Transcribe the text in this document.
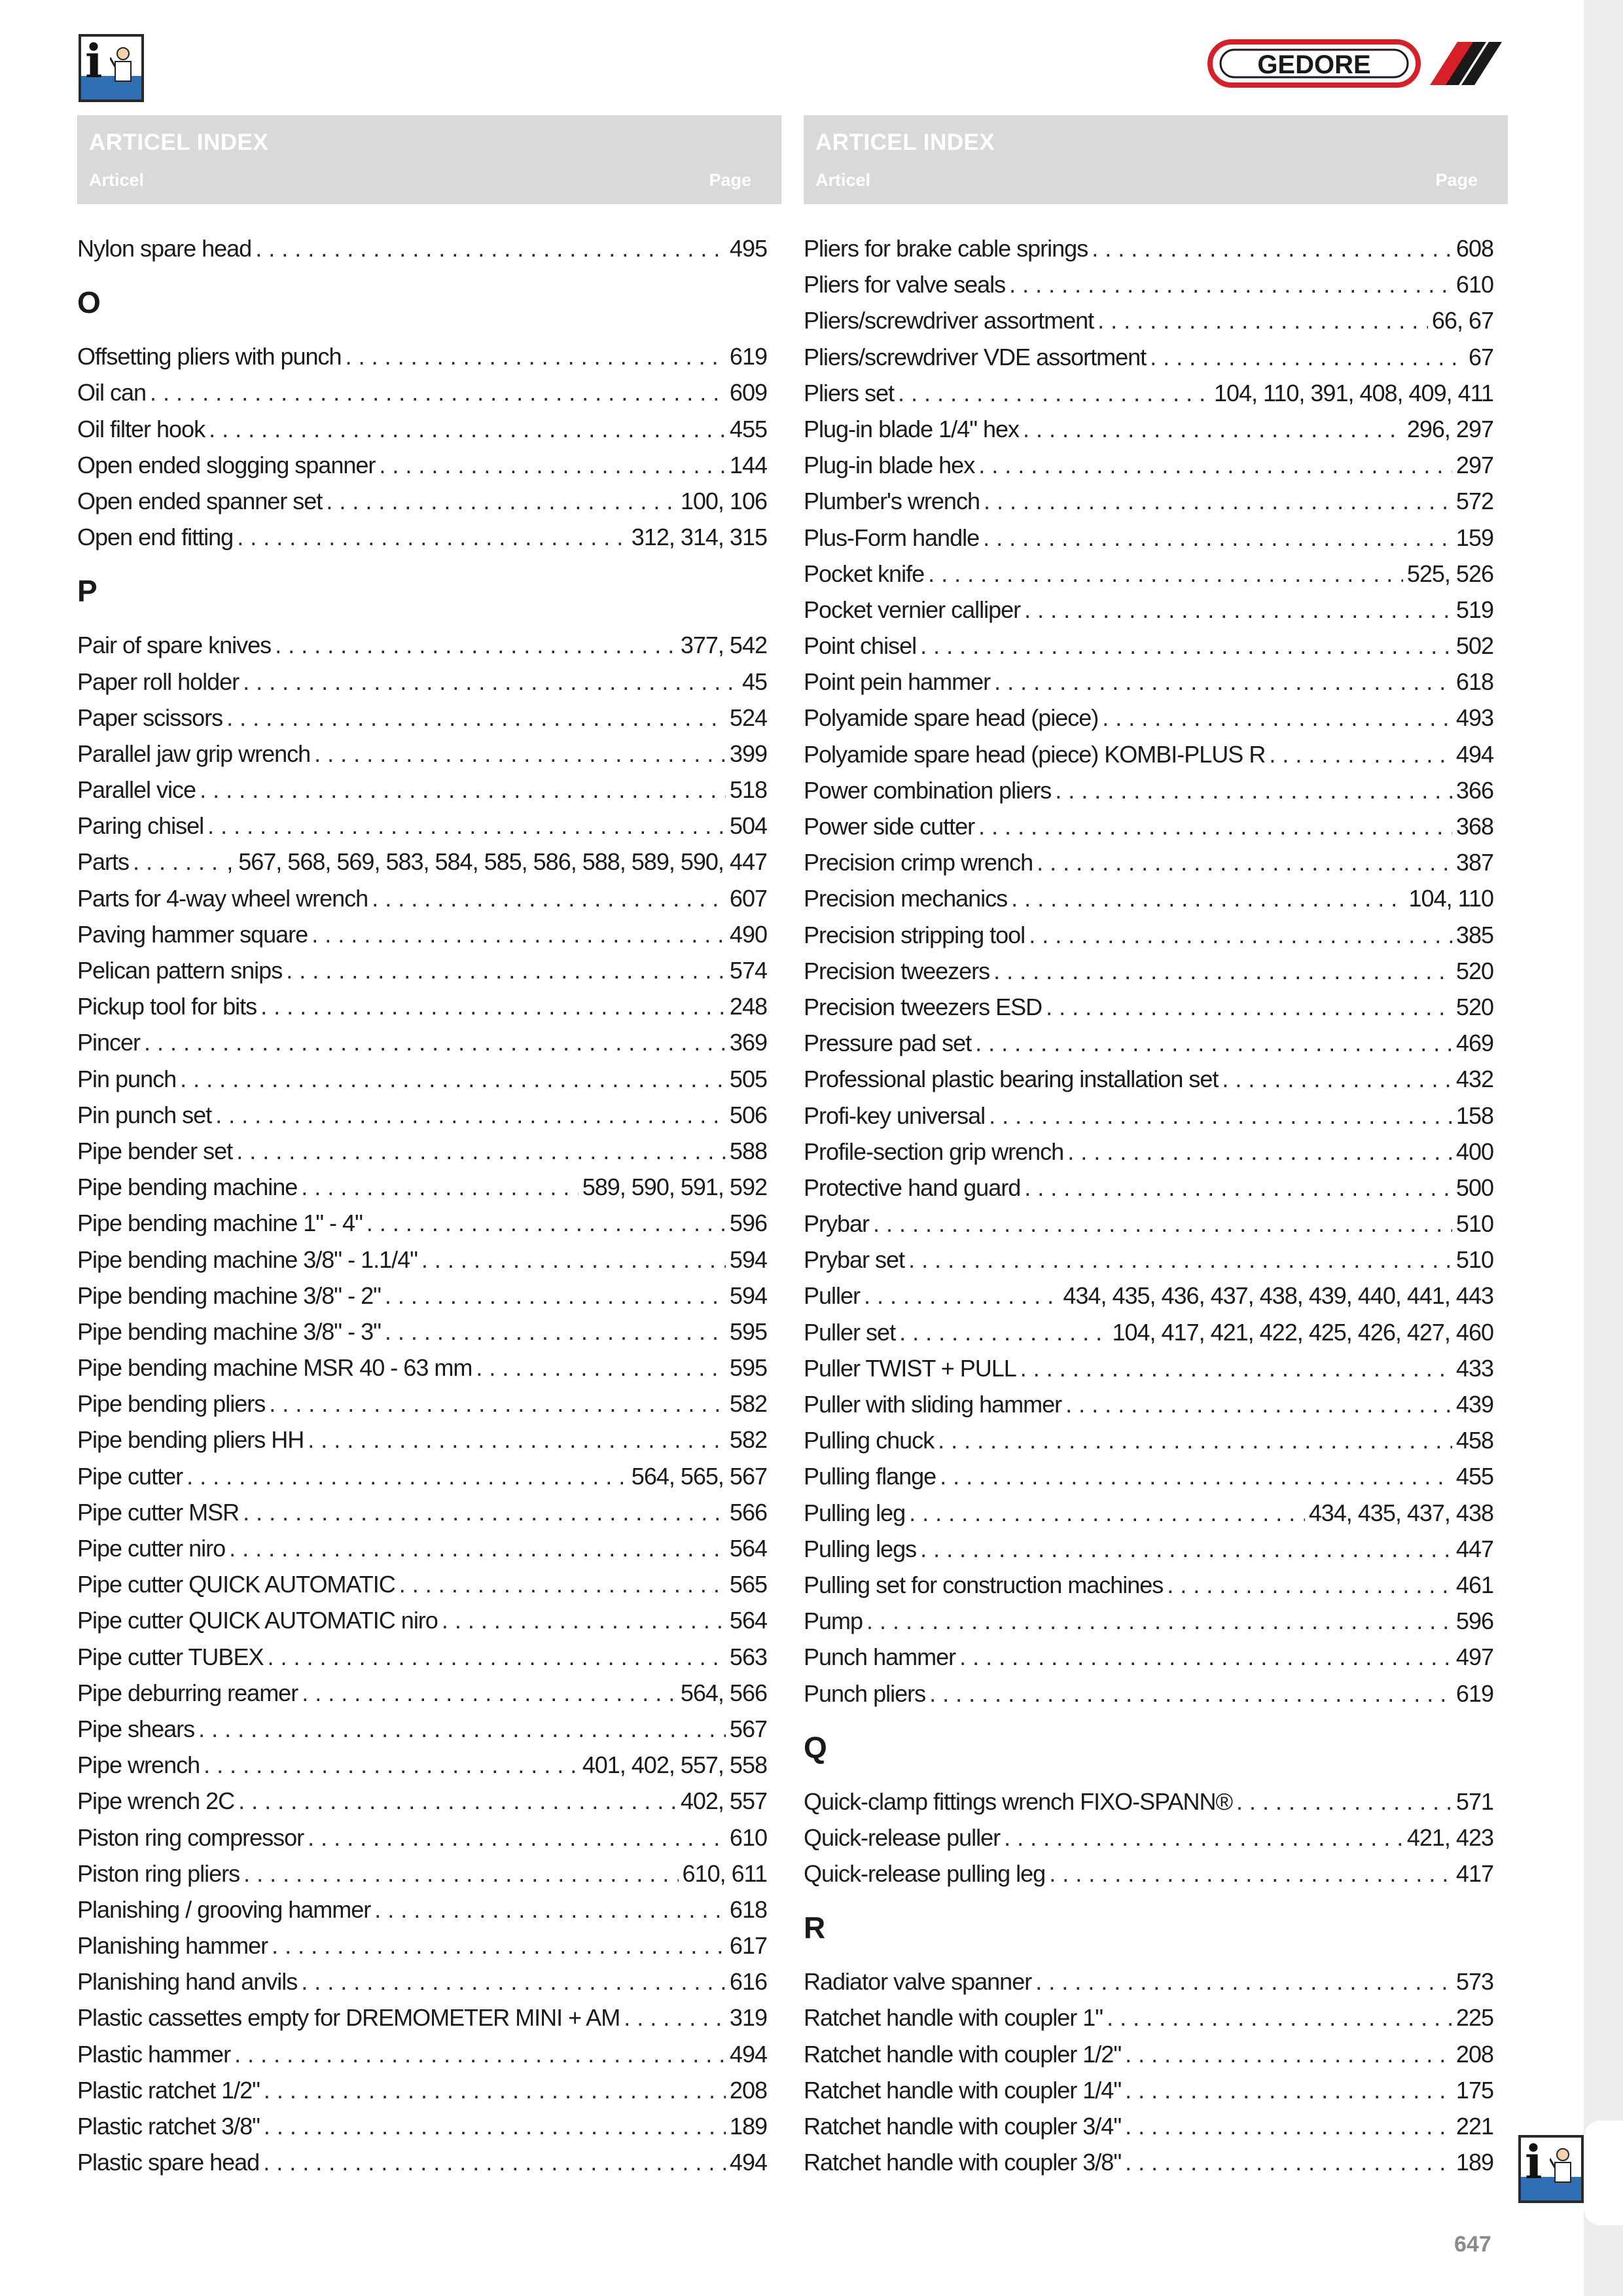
i	GEDORE
ARTICEL INDEX
Articel	Page
ARTICEL INDEX
Articel	Page
Nylon spare head . . .	495
O
Offsetting pliers with punch . . .	619
Oil can . . .	609
Oil filter hook . . .	455
Open ended slogging spanner . . .	144
Open ended spanner set . . .	100, 106
Open end fitting . . .	312, 314, 315
P
Pair of spare knives . . .	377, 542
Paper roll holder . . .	45
Paper scissors . . .	524
Parallel jaw grip wrench . . .	399
Parallel vice . . .	518
Paring chisel . . .	504
Parts . . .	, 567, 568, 569, 583, 584, 585, 586, 588, 589, 590, 447
Parts for 4-way wheel wrench . . .	607
Paving hammer square . . .	490
Pelican pattern snips . . .	574
Pickup tool for bits . . .	248
Pincer . . .	369
Pin punch . . .	505
Pin punch set . . .	506
Pipe bender set . . .	588
Pipe bending machine . . .	589, 590, 591, 592
Pipe bending machine 1" - 4" . . .	596
Pipe bending machine 3/8" - 1.1/4" . . .	594
Pipe bending machine 3/8" - 2" . . .	594
Pipe bending machine 3/8" - 3" . . .	595
Pipe bending machine MSR 40 - 63 mm . . .	595
Pipe bending pliers . . .	582
Pipe bending pliers HH . . .	582
Pipe cutter . . .	564, 565, 567
Pipe cutter MSR . . .	566
Pipe cutter niro . . .	564
Pipe cutter QUICK AUTOMATIC . . .	565
Pipe cutter QUICK AUTOMATIC niro . . .	564
Pipe cutter TUBEX . . .	563
Pipe deburring reamer . . .	564, 566
Pipe shears . . .	567
Pipe wrench . . .	401, 402, 557, 558
Pipe wrench 2C . . .	402, 557
Piston ring compressor . . .	610
Piston ring pliers . . .	610, 611
Planishing / grooving hammer . . .	618
Planishing hammer . . .	617
Planishing hand anvils . . .	616
Plastic cassettes empty for DREMOMETER MINI + AM . . .	319
Plastic hammer . . .	494
Plastic ratchet 1/2" . . .	208
Plastic ratchet 3/8" . . .	189
Plastic spare head . . .	494
Pliers for brake cable springs . . .	608
Pliers for valve seals . . .	610
Pliers/screwdriver assortment . . .	66, 67
Pliers/screwdriver VDE assortment . . .	67
Pliers set . . .	104, 110, 391, 408, 409, 411
Plug-in blade 1/4" hex . . .	296, 297
Plug-in blade hex . . .	297
Plumber's wrench . . .	572
Plus-Form handle . . .	159
Pocket knife . . .	525, 526
Pocket vernier calliper . . .	519
Point chisel . . .	502
Point pein hammer . . .	618
Polyamide spare head (piece) . . .	493
Polyamide spare head (piece) KOMBI-PLUS R . . .	494
Power combination pliers . . .	366
Power side cutter . . .	368
Precision crimp wrench . . .	387
Precision mechanics . . .	104, 110
Precision stripping tool . . .	385
Precision tweezers . . .	520
Precision tweezers ESD . . .	520
Pressure pad set . . .	469
Professional plastic bearing installation set . . .	432
Profi-key universal . . .	158
Profile-section grip wrench . . .	400
Protective hand guard . . .	500
Prybar . . .	510
Prybar set . . .	510
Puller . . .	434, 435, 436, 437, 438, 439, 440, 441, 443
Puller set . . .	104, 417, 421, 422, 425, 426, 427, 460
Puller TWIST + PULL . . .	433
Puller with sliding hammer . . .	439
Pulling chuck . . .	458
Pulling flange . . .	455
Pulling leg . . .	434, 435, 437, 438
Pulling legs . . .	447
Pulling set for construction machines . . .	461
Pump . . .	596
Punch hammer . . .	497
Punch pliers . . .	619
Q
Quick-clamp fittings wrench FIXO-SPANN® . . .	571
Quick-release puller . . .	421, 423
Quick-release pulling leg . . .	417
R
Radiator valve spanner . . .	573
Ratchet handle with coupler 1" . . .	225
Ratchet handle with coupler 1/2" . . .	208
Ratchet handle with coupler 1/4" . . .	175
Ratchet handle with coupler 3/4" . . .	221
Ratchet handle with coupler 3/8" . . .	189 i
647
